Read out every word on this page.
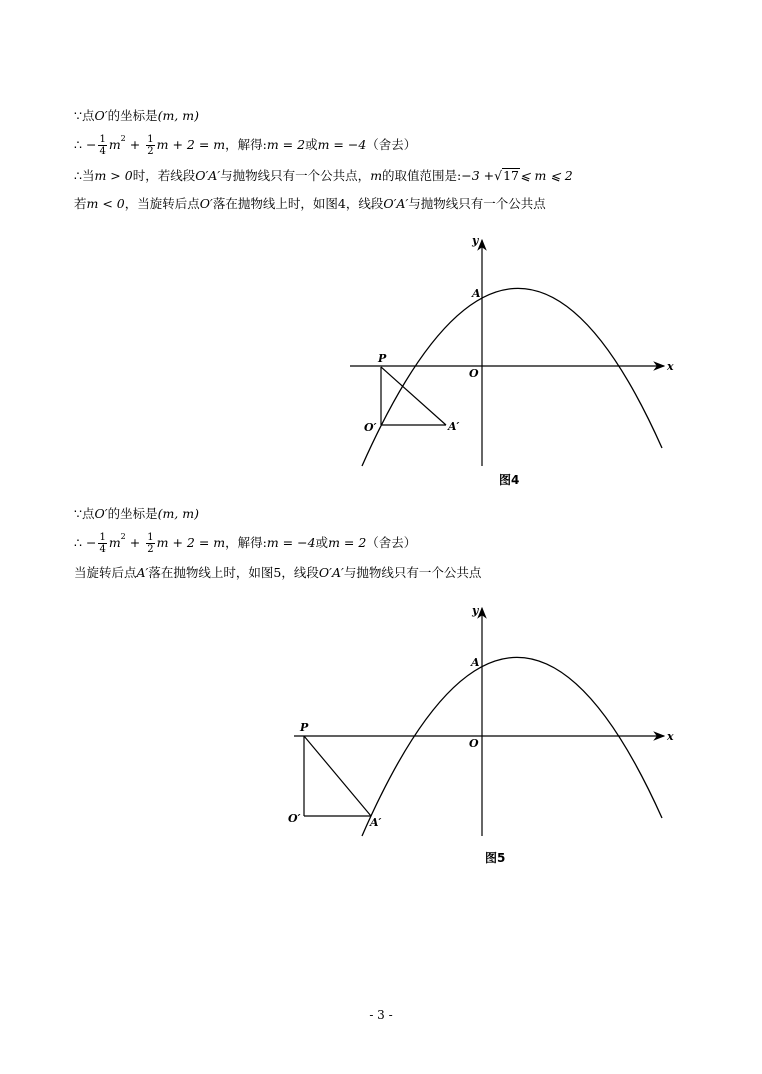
∵ 点 O′ 的坐标是 (m, m)
∴ − $\frac{1}{4}$ m $2 + \frac{1}{2}$ m + 2 = m ，解得: m = 2 或 m = −4 （舍去）
∴ 当 m > 0 时，若线段 O′A′ 与抛物线只有一个公共点， m 的取值范围是: −3 + √ 17 ⩽ m ⩽ 2
若 m < 0 ，当旋转后点 O′ 落在抛物线上时，如图4，线段 O′A′ 与抛物线只有一个公共点
y
x
A
O
P
O′	A′
图4
∵ 点 O′ 的坐标是 (m, m)
∴ − $\frac{1}{4}$ m $2 + \frac{1}{2}$ m + 2 = m ，解得: m = −4 或 m = 2 （舍去）
当旋转后点 A′ 落在抛物线上时，如图5，线段 O′A′ 与抛物线只有一个公共点
y
x
A
O
P
O′	A′
图5
- 3 -
